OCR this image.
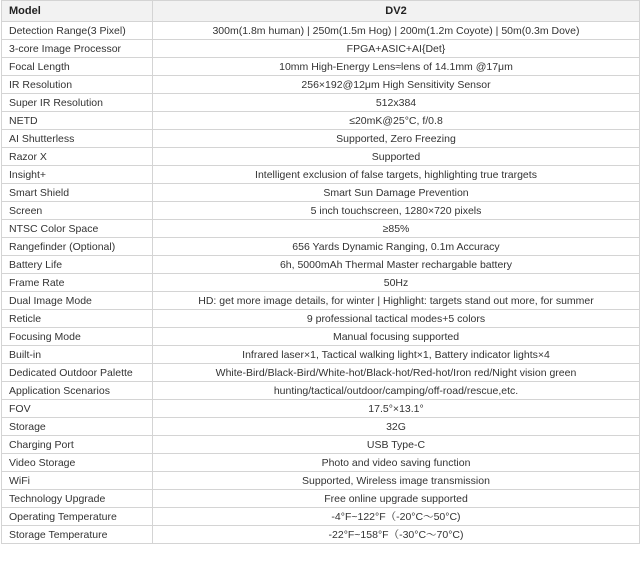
Model	DV2
Detection Range(3 Pixel)	300m(1.8m human) | 250m(1.5m Hog) | 200m(1.2m Coyote) | 50m(0.3m Dove)
3-core Image Processor	FPGA+ASIC+AI{Det}
Focal Length	10mm High-Energy Lens≈lens of 14.1mm @17μm
IR Resolution	256×192@12μm High Sensitivity Sensor
Super IR Resolution	512x384
NETD	≤20mK@25°C, f/0.8
AI Shutterless	Supported, Zero Freezing
Razor X	Supported
Insight+	Intelligent exclusion of false targets, highlighting true trargets
Smart Shield	Smart Sun Damage Prevention
Screen	5 inch touchscreen, 1280×720 pixels
NTSC Color Space	≥85%
Rangefinder (Optional)	656 Yards Dynamic Ranging, 0.1m Accuracy
Battery Life	6h, 5000mAh Thermal Master rechargable battery
Frame Rate	50Hz
Dual Image Mode	HD: get more image details, for winter | Highlight: targets stand out more, for summer
Reticle	9 professional tactical modes+5 colors
Focusing Mode	Manual focusing supported
Built-in	Infrared laser×1, Tactical walking light×1, Battery indicator lights×4
Dedicated Outdoor Palette	White-Bird/Black-Bird/White-hot/Black-hot/Red-hot/Iron red/Night vision green
Application Scenarios	hunting/tactical/outdoor/camping/off-road/rescue,etc.
FOV	17.5°×13.1°
Storage	32G
Charging Port	USB Type-C
Video Storage	Photo and video saving function
WiFi	Supported, Wireless image transmission
Technology Upgrade	Free online upgrade supported
Operating Temperature	-4°F~122°F（-20°C～50°C)
Storage Temperature	-22°F~158°F（-30°C～70°C)
